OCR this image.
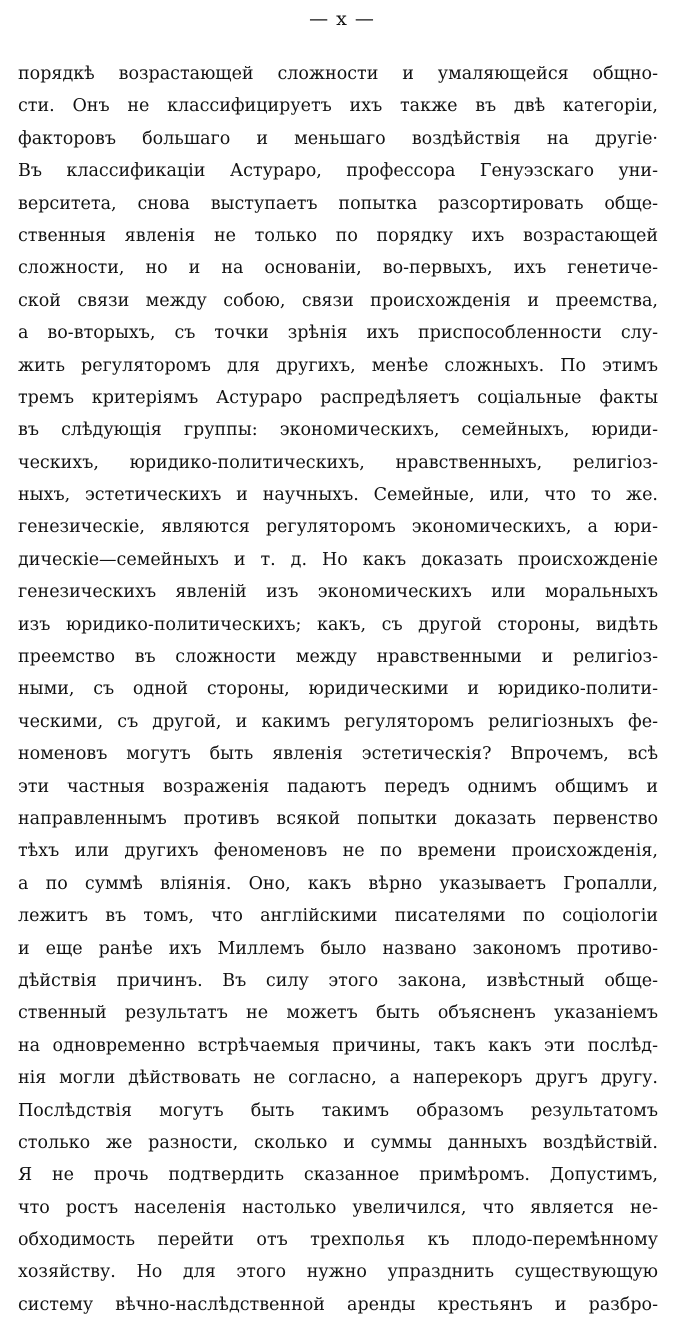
— x —
порядкѣ возрастающей сложности и умаляющейся общно-
сти. Онъ не классифицируетъ ихъ также въ двѣ категоріи,
факторовъ большаго и меньшаго воздѣйствія на другіе·
Въ классификаціи Астураро, профессора Генуэзскаго уни-
верситета, снова выступаетъ попытка разсортировать обще-
ственныя явленія не только по порядку ихъ возрастающей
сложности, но и на основаніи, во-первыхъ, ихъ генетиче-
ской связи между собою, связи происхожденія и преемства,
а во-вторыхъ, съ точки зрѣнія ихъ приспособленности слу-
жить регуляторомъ для другихъ, менѣе сложныхъ. По этимъ
тремъ критеріямъ Астураро распредѣляетъ соціальные факты
въ слѣдующія группы: экономическихъ, семейныхъ, юриди-
ческихъ, юридико-политическихъ, нравственныхъ, религіоз-
ныхъ, эстетическихъ и научныхъ. Семейные, или, что то же.
генезическіе, являются регуляторомъ экономическихъ, а юри-
дическіе—семейныхъ и т. д. Но какъ доказать происхожденіе
генезическихъ явленій изъ экономическихъ или моральныхъ
изъ юридико-политическихъ; какъ, съ другой стороны, видѣть
преемство въ сложности между нравственными и религіоз-
ными, съ одной стороны, юридическими и юридико-полити-
ческими, съ другой, и какимъ регуляторомъ религіозныхъ фе-
номеновъ могутъ быть явленія эстетическія? Впрочемъ, всѣ
эти частныя возраженія падаютъ передъ однимъ общимъ и
направленнымъ противъ всякой попытки доказать первенство
тѣхъ или другихъ феноменовъ не по времени происхожденія,
а по суммѣ вліянія. Оно, какъ вѣрно указываетъ Гропалли,
лежитъ въ томъ, что англійскими писателями по соціологіи
и еще ранѣе ихъ Миллемъ было названо закономъ противо-
дѣйствія причинъ. Въ силу этого закона, извѣстный обще-
ственный результатъ не можетъ быть объясненъ указаніемъ
на одновременно встрѣчаемыя причины, такъ какъ эти послѣд-
нія могли дѣйствовать не согласно, а наперекоръ другъ другу.
Послѣдствія могутъ быть такимъ образомъ результатомъ
столько же разности, сколько и суммы данныхъ воздѣйствій.
Я не прочь подтвердить сказанное примѣромъ. Допустимъ,
что ростъ населенія настолько увеличился, что является не-
обходимость перейти отъ трехполья къ плодо-перемѣнному
хозяйству. Но для этого нужно упразднить существующую
систему вѣчно-наслѣдственной аренды крестьянъ и разбро-
